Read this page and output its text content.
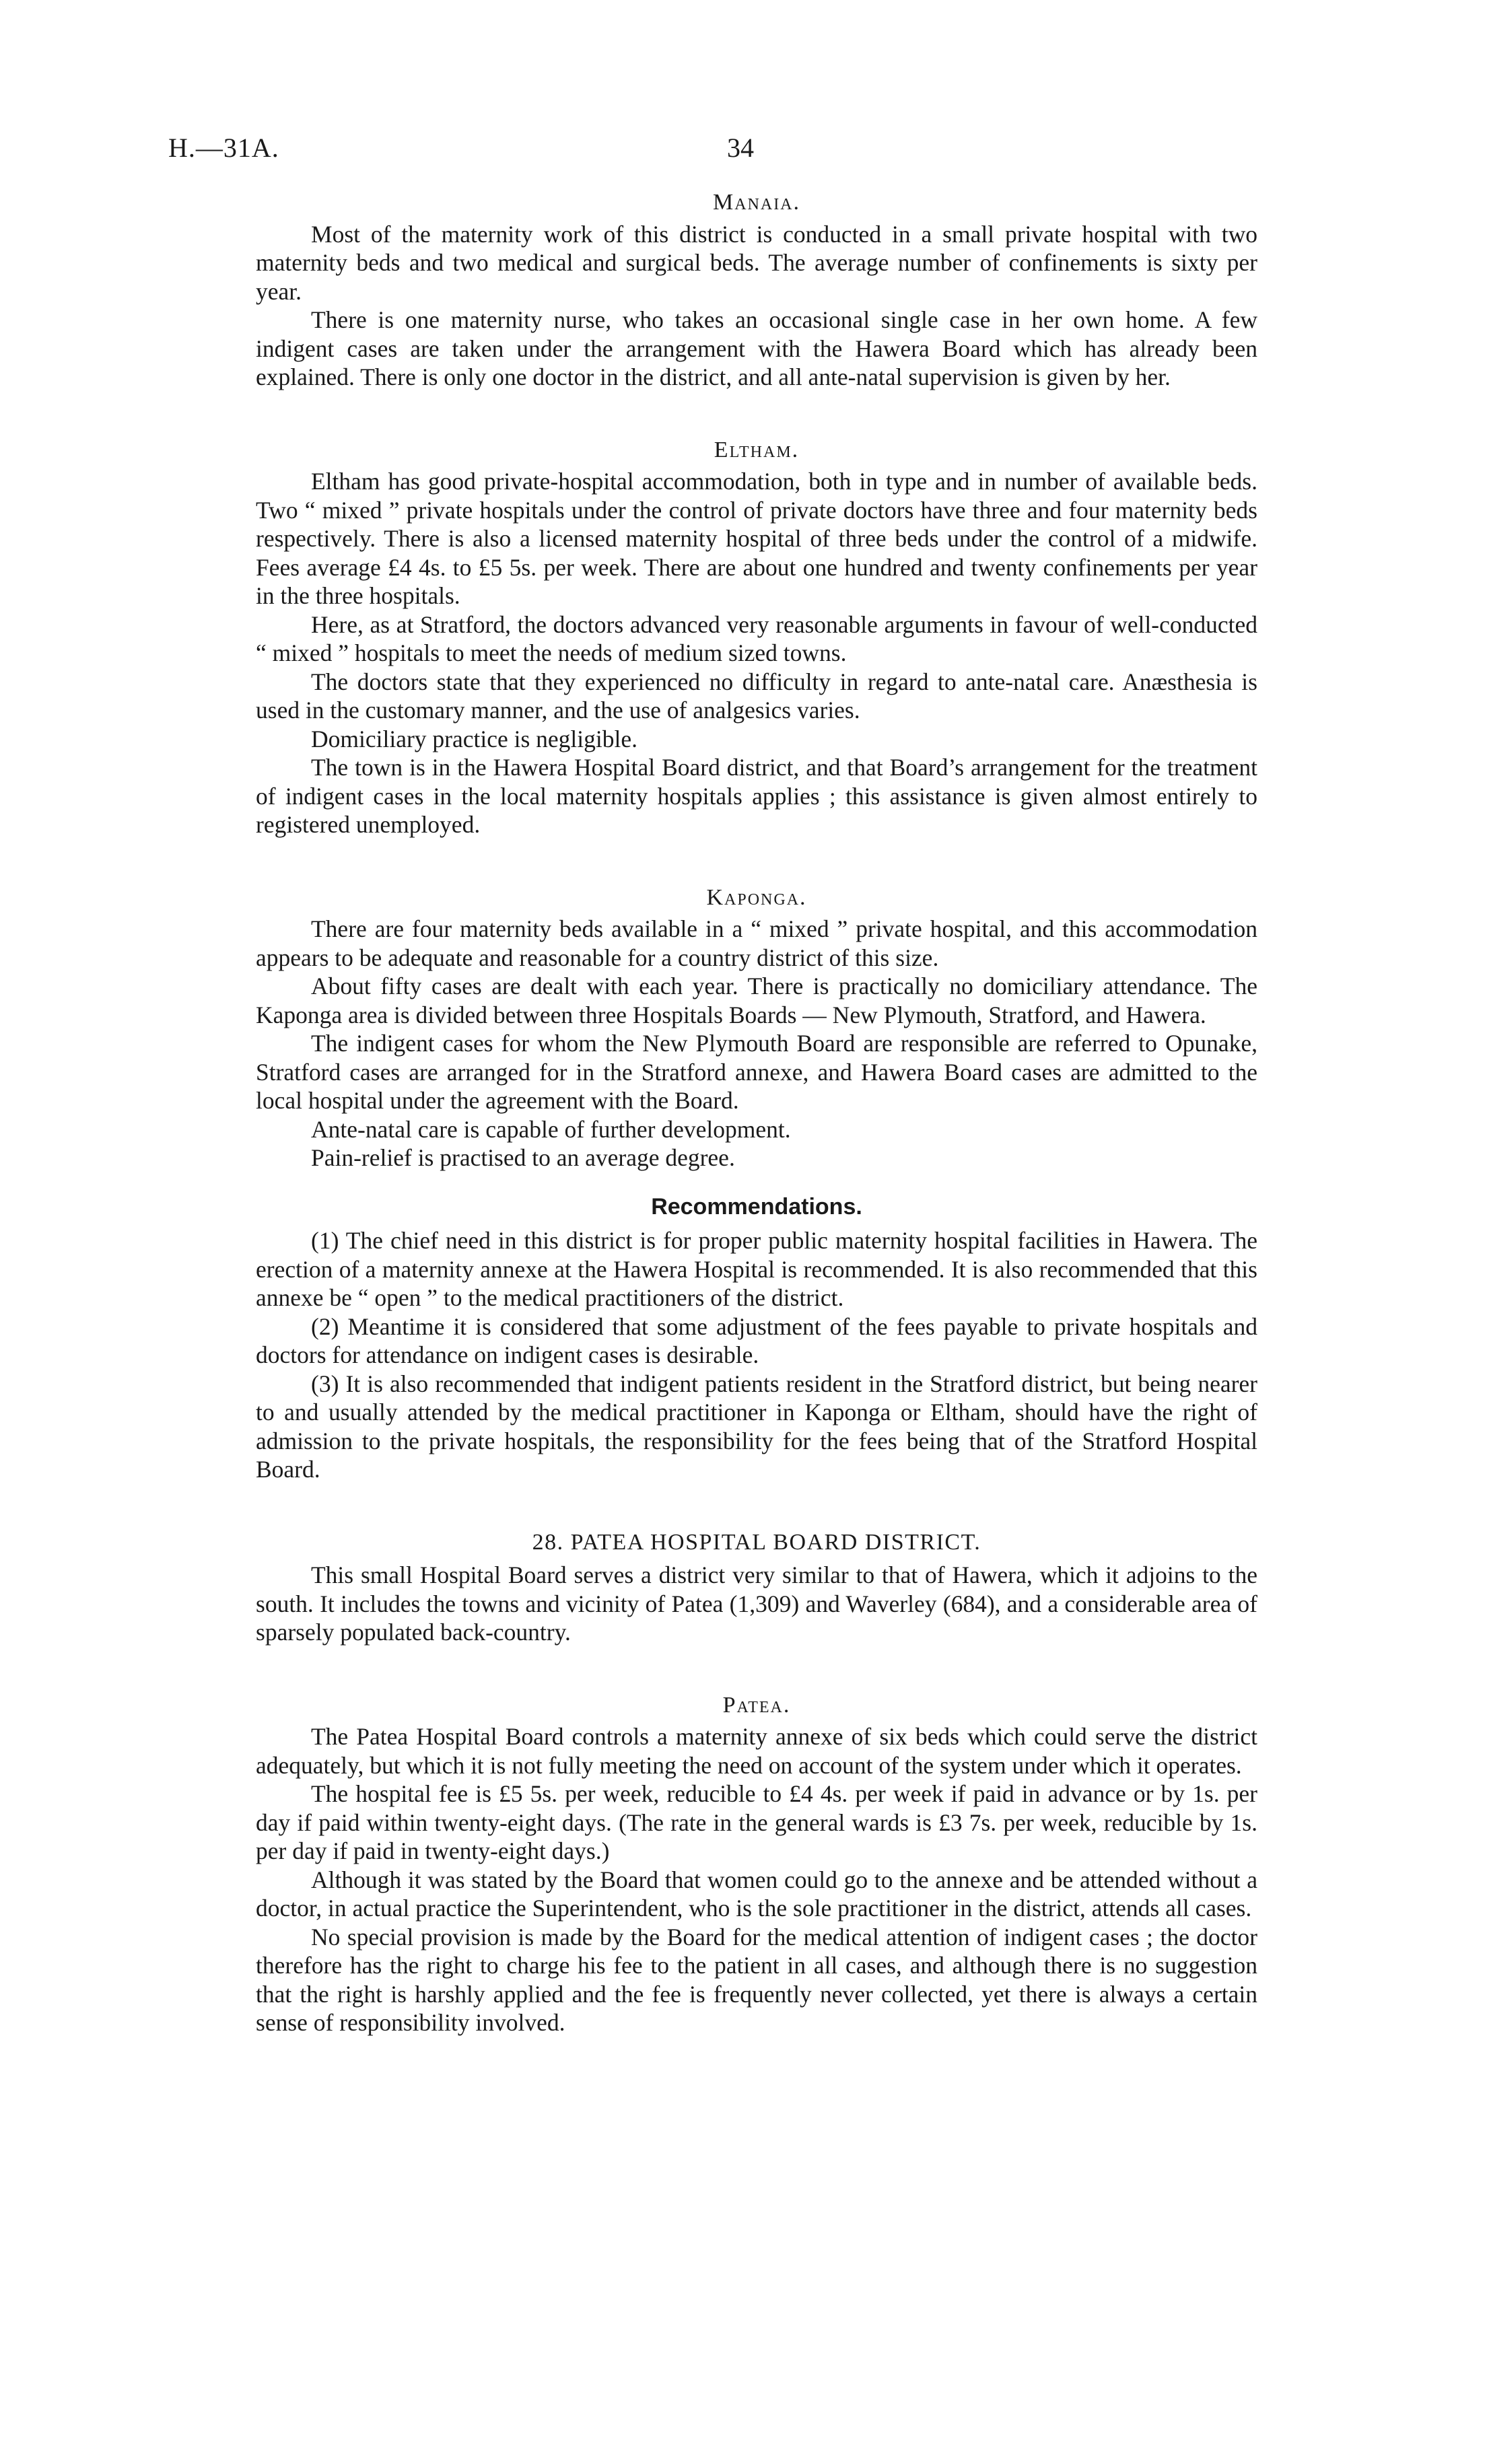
H.—31A.	34
Manaia.

Most of the maternity work of this district is conducted in a small private hospital with two maternity beds and two medical and surgical beds. The average number of confinements is sixty per year.

There is one maternity nurse, who takes an occasional single case in her own home. A few indigent cases are taken under the arrangement with the Hawera Board which has already been explained. There is only one doctor in the district, and all ante-natal supervision is given by her.

Eltham.

Eltham has good private-hospital accommodation, both in type and in number of available beds. Two “ mixed ” private hospitals under the control of private doctors have three and four maternity beds respectively. There is also a licensed maternity hospital of three beds under the control of a midwife. Fees average £4 4s. to £5 5s. per week. There are about one hundred and twenty confinements per year in the three hospitals.

Here, as at Stratford, the doctors advanced very reasonable arguments in favour of well-conducted “ mixed ” hospitals to meet the needs of medium sized towns.

The doctors state that they experienced no difficulty in regard to ante-natal care. Anæsthesia is used in the customary manner, and the use of analgesics varies.

Domiciliary practice is negligible.

The town is in the Hawera Hospital Board district, and that Board’s arrangement for the treatment of indigent cases in the local maternity hospitals applies ; this assistance is given almost entirely to registered unemployed.

Kaponga.

There are four maternity beds available in a “ mixed ” private hospital, and this accommodation appears to be adequate and reasonable for a country district of this size.

About fifty cases are dealt with each year. There is practically no domiciliary attendance. The Kaponga area is divided between three Hospitals Boards — New Plymouth, Stratford, and Hawera.

The indigent cases for whom the New Plymouth Board are responsible are referred to Opunake, Stratford cases are arranged for in the Stratford annexe, and Hawera Board cases are admitted to the local hospital under the agreement with the Board.

Ante-natal care is capable of further development.

Pain-relief is practised to an average degree.

Recommendations.

(1) The chief need in this district is for proper public maternity hospital facilities in Hawera. The erection of a maternity annexe at the Hawera Hospital is recommended. It is also recommended that this annexe be “ open ” to the medical practitioners of the district.

(2) Meantime it is considered that some adjustment of the fees payable to private hospitals and doctors for attendance on indigent cases is desirable.

(3) It is also recommended that indigent patients resident in the Stratford district, but being nearer to and usually attended by the medical practitioner in Kaponga or Eltham, should have the right of admission to the private hospitals, the responsibility for the fees being that of the Stratford Hospital Board.

28. PATEA HOSPITAL BOARD DISTRICT.

This small Hospital Board serves a district very similar to that of Hawera, which it adjoins to the south. It includes the towns and vicinity of Patea (1,309) and Waverley (684), and a considerable area of sparsely populated back-country.

Patea.

The Patea Hospital Board controls a maternity annexe of six beds which could serve the district adequately, but which it is not fully meeting the need on account of the system under which it operates.

The hospital fee is £5 5s. per week, reducible to £4 4s. per week if paid in advance or by 1s. per day if paid within twenty-eight days. (The rate in the general wards is £3 7s. per week, reducible by 1s. per day if paid in twenty-eight days.)

Although it was stated by the Board that women could go to the annexe and be attended without a doctor, in actual practice the Superintendent, who is the sole practitioner in the district, attends all cases.

No special provision is made by the Board for the medical attention of indigent cases ; the doctor therefore has the right to charge his fee to the patient in all cases, and although there is no suggestion that the right is harshly applied and the fee is frequently never collected, yet there is always a certain sense of responsibility involved.
